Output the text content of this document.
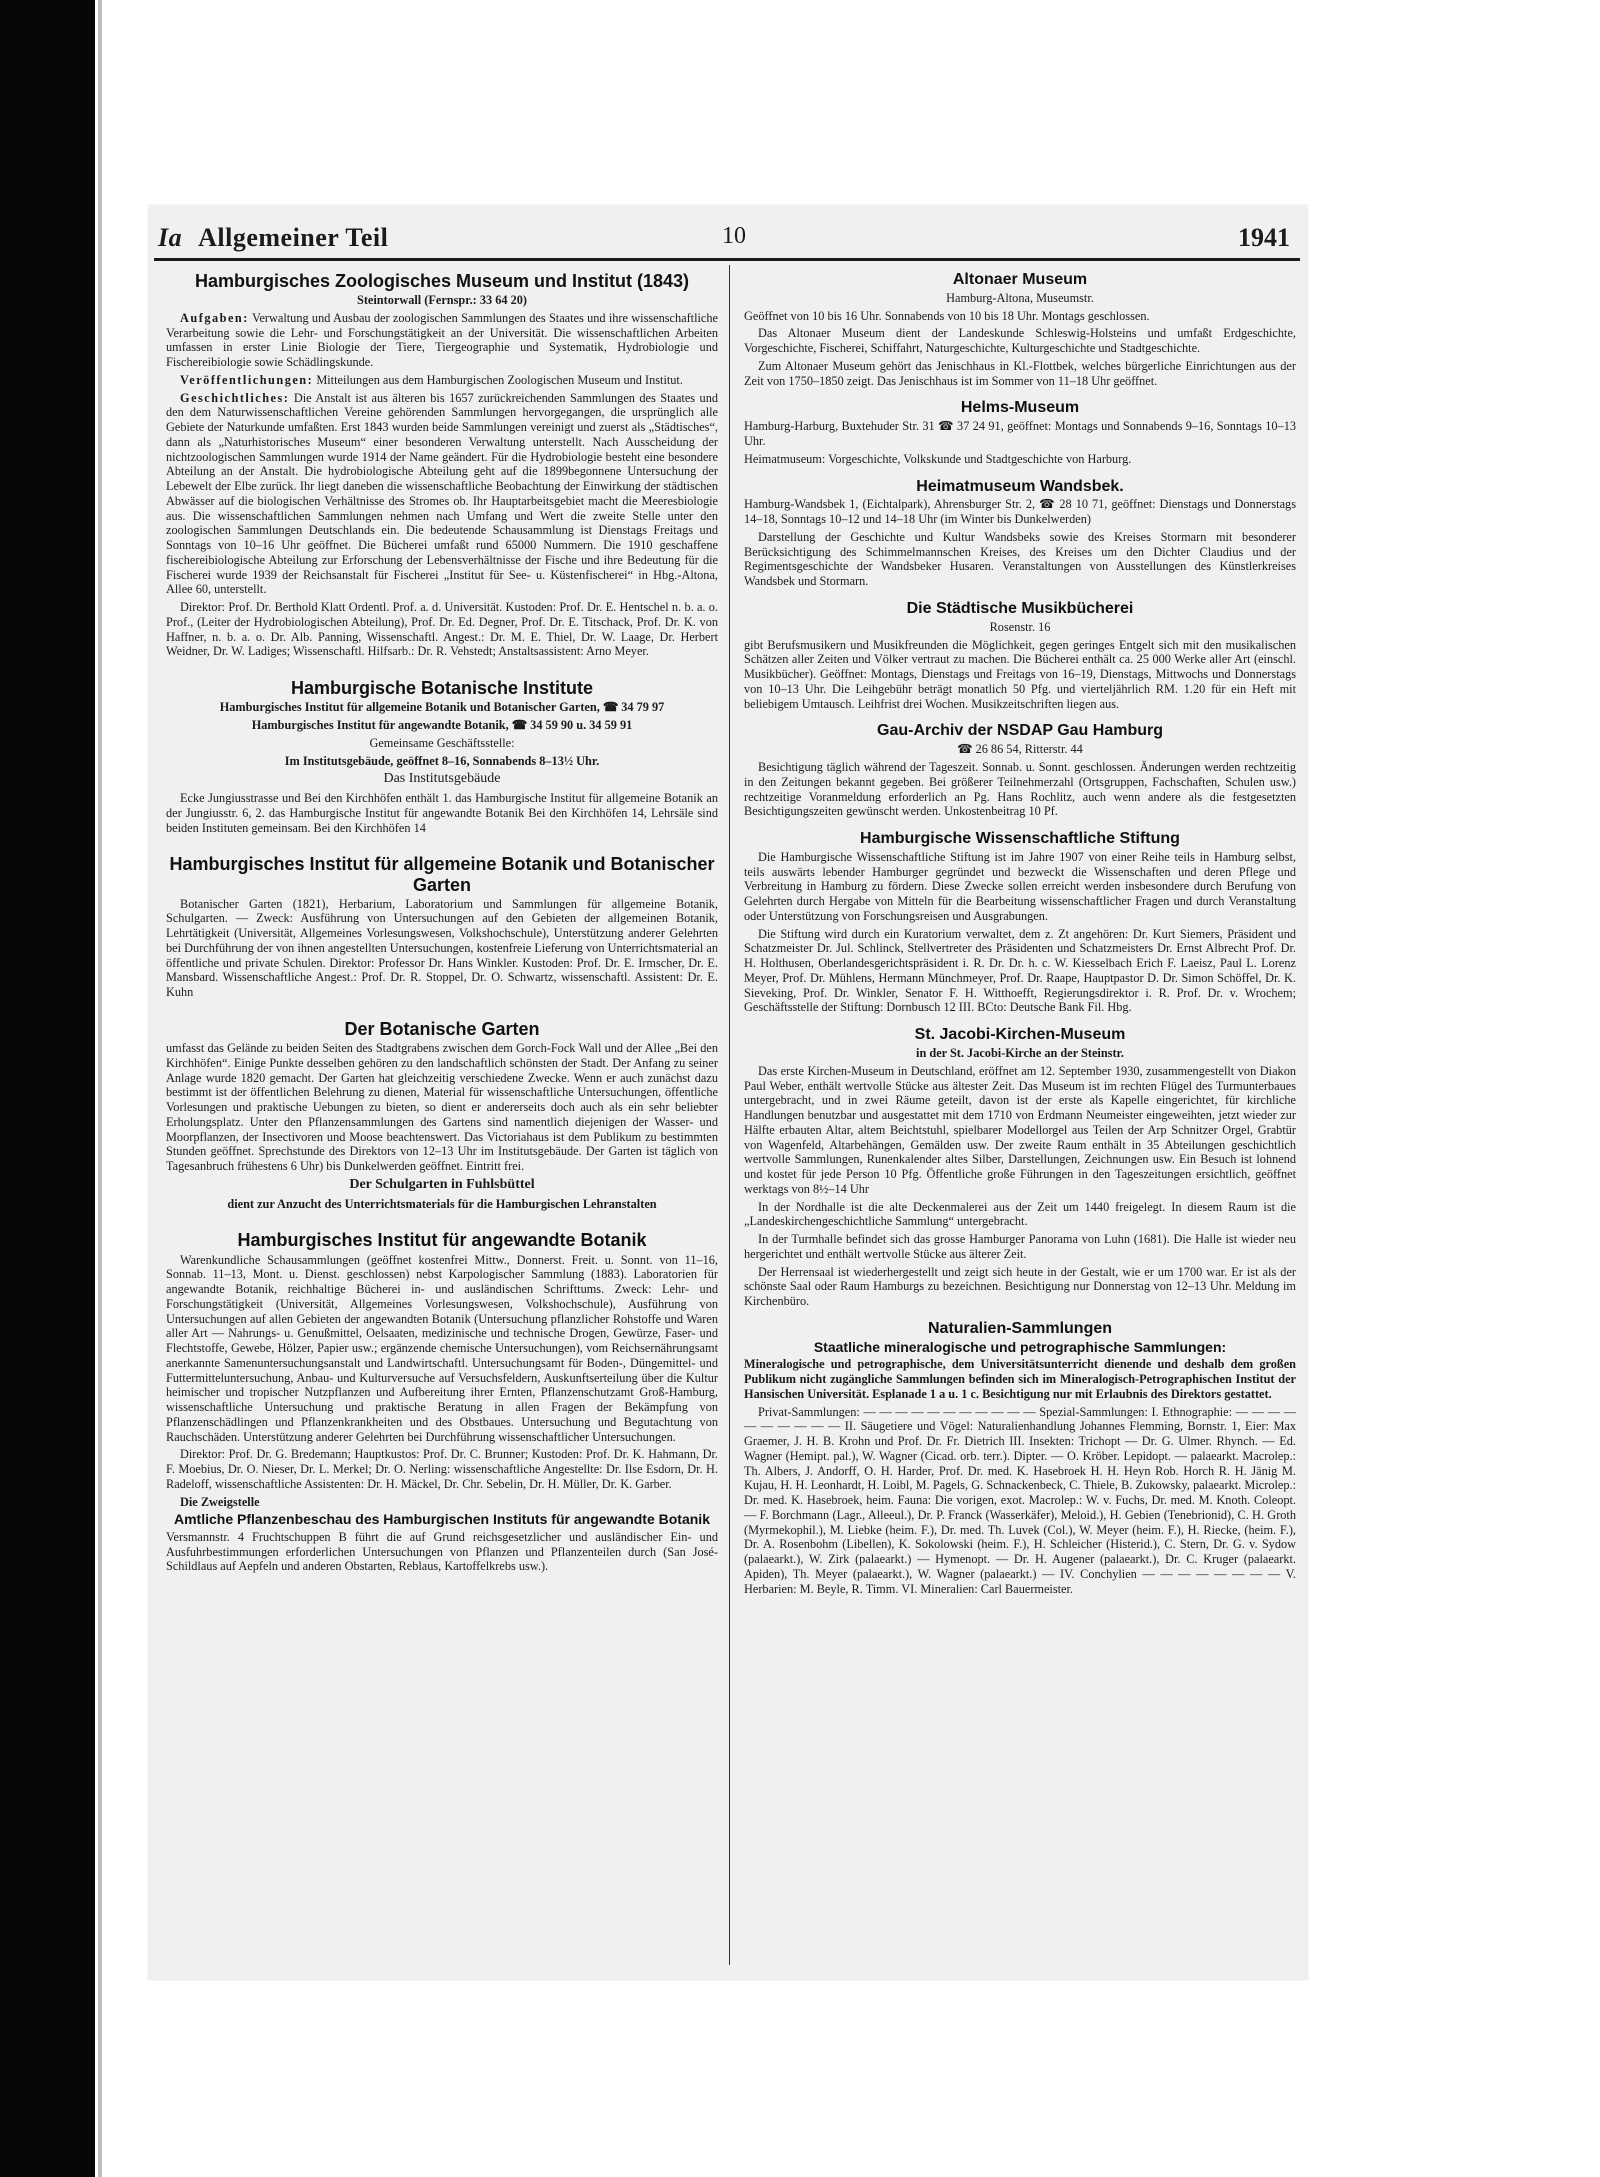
Ia Allgemeiner Teil	10	1941
Hamburgisches Zoologisches Museum und Institut (1843)
Steintorwall (Fernspr.: 33 64 20)

Aufgaben: Verwaltung und Ausbau der zoologischen Sammlungen des Staates und ihre wissenschaftliche Verarbeitung sowie die Lehr- und Forschungstätigkeit an der Universität. Die wissenschaftlichen Arbeiten umfassen in erster Linie Biologie der Tiere, Tiergeographie und Systematik, Hydrobiologie und Fischereibiologie sowie Schädlingskunde.

Veröffentlichungen: Mitteilungen aus dem Hamburgischen Zoologischen Museum und Institut.

Geschichtliches: Die Anstalt ist aus älteren bis 1657 zurückreichenden Sammlungen des Staates und den dem Naturwissenschaftlichen Vereine gehörenden Sammlungen hervorgegangen, die ursprünglich alle Gebiete der Naturkunde umfaßten. Erst 1843 wurden beide Sammlungen vereinigt und zuerst als „Städtisches“, dann als „Naturhistorisches Museum“ einer besonderen Verwaltung unterstellt. Nach Ausscheidung der nichtzoologischen Sammlungen wurde 1914 der Name geändert. Für die Hydrobiologie besteht eine besondere Abteilung an der Anstalt. Die hydrobiologische Abteilung geht auf die 1899begonnene Untersuchung der Lebewelt der Elbe zurück. Ihr liegt daneben die wissenschaftliche Beobachtung der Einwirkung der städtischen Abwässer auf die biologischen Verhältnisse des Stromes ob. Ihr Hauptarbeitsgebiet macht die Meeresbiologie aus. Die wissenschaftlichen Sammlungen nehmen nach Umfang und Wert die zweite Stelle unter den zoologischen Sammlungen Deutschlands ein. Die bedeutende Schausammlung ist Dienstags Freitags und Sonntags von 10–16 Uhr geöffnet. Die Bücherei umfaßt rund 65000 Nummern. Die 1910 geschaffene fischereibiologische Abteilung zur Erforschung der Lebensverhältnisse der Fische und ihre Bedeutung für die Fischerei wurde 1939 der Reichsanstalt für Fischerei „Institut für See- u. Küstenfischerei“ in Hbg.-Altona, Allee 60, unterstellt.

Direktor: Prof. Dr. Berthold Klatt Ordentl. Prof. a. d. Universität. Kustoden: Prof. Dr. E. Hentschel n. b. a. o. Prof., (Leiter der Hydrobiologischen Abteilung), Prof. Dr. Ed. Degner, Prof. Dr. E. Titschack, Prof. Dr. K. von Haffner, n. b. a. o. Dr. Alb. Panning, Wissenschaftl. Angest.: Dr. M. E. Thiel, Dr. W. Laage, Dr. Herbert Weidner, Dr. W. Ladiges; Wissenschaftl. Hilfsarb.: Dr. R. Vehstedt; Anstaltsassistent: Arno Meyer.

Hamburgische Botanische Institute
Hamburgisches Institut für allgemeine Botanik und Botanischer Garten, ☎ 34 79 97
Hamburgisches Institut für angewandte Botanik, ☎ 34 59 90 u. 34 59 91
Gemeinsame Geschäftsstelle:
Im Institutsgebäude, geöffnet 8–16, Sonnabends 8–13½ Uhr.
Das Institutsgebäude

Ecke Jungiusstrasse und Bei den Kirchhöfen enthält 1. das Hamburgische Institut für allgemeine Botanik an der Jungiusstr. 6, 2. das Hamburgische Institut für angewandte Botanik Bei den Kirchhöfen 14, Lehrsäle sind beiden Instituten gemeinsam. Bei den Kirchhöfen 14

Hamburgisches Institut für allgemeine Botanik und Botanischer Garten

Botanischer Garten (1821), Herbarium, Laboratorium und Sammlungen für allgemeine Botanik, Schulgarten. — Zweck: Ausführung von Untersuchungen auf den Gebieten der allgemeinen Botanik, Lehrtätigkeit (Universität, Allgemeines Vorlesungswesen, Volkshochschule), Unterstützung anderer Gelehrten bei Durchführung der von ihnen angestellten Untersuchungen, kostenfreie Lieferung von Unterrichtsmaterial an öffentliche und private Schulen. Direktor: Professor Dr. Hans Winkler. Kustoden: Prof. Dr. E. Irmscher, Dr. E. Mansbard. Wissenschaftliche Angest.: Prof. Dr. R. Stoppel, Dr. O. Schwartz, wissenschaftl. Assistent: Dr. E. Kuhn

Der Botanische Garten

umfasst das Gelände zu beiden Seiten des Stadtgrabens zwischen dem Gorch-Fock Wall und der Allee „Bei den Kirchhöfen“. Einige Punkte desselben gehören zu den landschaftlich schönsten der Stadt. Der Anfang zu seiner Anlage wurde 1820 gemacht. Der Garten hat gleichzeitig verschiedene Zwecke. Wenn er auch zunächst dazu bestimmt ist der öffentlichen Belehrung zu dienen, Material für wissenschaftliche Untersuchungen, öffentliche Vorlesungen und praktische Uebungen zu bieten, so dient er andererseits doch auch als ein sehr beliebter Erholungsplatz. Unter den Pflanzensammlungen des Gartens sind namentlich diejenigen der Wasser- und Moorpflanzen, der Insectivoren und Moose beachtenswert. Das Victoriahaus ist dem Publikum zu bestimmten Stunden geöffnet. Sprechstunde des Direktors von 12–13 Uhr im Institutsgebäude. Der Garten ist täglich von Tagesanbruch frühestens 6 Uhr) bis Dunkelwerden geöffnet. Eintritt frei.

Der Schulgarten in Fuhlsbüttel
dient zur Anzucht des Unterrichtsmaterials für die Hamburgischen Lehranstalten
Hamburgisches Institut für angewandte Botanik

Warenkundliche Schausammlungen (geöffnet kostenfrei Mittw., Donnerst. Freit. u. Sonnt. von 11–16, Sonnab. 11–13, Mont. u. Dienst. geschlossen) nebst Karpologischer Sammlung (1883). Laboratorien für angewandte Botanik, reichhaltige Bücherei in- und ausländischen Schrifttums. Zweck: Lehr- und Forschungstätigkeit (Universität, Allgemeines Vorlesungswesen, Volkshochschule), Ausführung von Untersuchungen auf allen Gebieten der angewandten Botanik (Untersuchung pflanzlicher Rohstoffe und Waren aller Art — Nahrungs- u. Genußmittel, Oelsaaten, medizinische und technische Drogen, Gewürze, Faser- und Flechtstoffe, Gewebe, Hölzer, Papier usw.; ergänzende chemische Untersuchungen), vom Reichsernährungsamt anerkannte Samenuntersuchungsanstalt und Landwirtschaftl. Untersuchungsamt für Boden-, Düngemittel- und Futtermitteluntersuchung, Anbau- und Kulturversuche auf Versuchsfeldern, Auskunftserteilung über die Kultur heimischer und tropischer Nutzpflanzen und Aufbereitung ihrer Ernten, Pflanzenschutzamt Groß-Hamburg, wissenschaftliche Untersuchung und praktische Beratung in allen Fragen der Bekämpfung von Pflanzenschädlingen und Pflanzenkrankheiten und des Obstbaues. Untersuchung und Begutachtung von Rauchschäden. Unterstützung anderer Gelehrten bei Durchführung wissenschaftlicher Untersuchungen.

Direktor: Prof. Dr. G. Bredemann; Hauptkustos: Prof. Dr. C. Brunner; Kustoden: Prof. Dr. K. Hahmann, Dr. F. Moebius, Dr. O. Nieser, Dr. L. Merkel; Dr. O. Nerling: wissenschaftliche Angestellte: Dr. Ilse Esdorn, Dr. H. Radeloff, wissenschaftliche Assistenten: Dr. H. Mäckel, Dr. Chr. Sebelin, Dr. H. Müller, Dr. K. Garber.

Die Zweigstelle

Amtliche Pflanzenbeschau des Hamburgischen Instituts für angewandte Botanik

Versmannstr. 4 Fruchtschuppen B führt die auf Grund reichsgesetzlicher und ausländischer Ein- und Ausfuhrbestimmungen erforderlichen Untersuchungen von Pflanzen und Pflanzenteilen durch (San José-Schildlaus auf Aepfeln und anderen Obstarten, Reblaus, Kartoffelkrebs usw.).

Altonaer Museum
Hamburg-Altona, Museumstr.

Geöffnet von 10 bis 16 Uhr. Sonnabends von 10 bis 18 Uhr. Montags geschlossen.

Das Altonaer Museum dient der Landeskunde Schleswig-Holsteins und umfaßt Erdgeschichte, Vorgeschichte, Fischerei, Schiffahrt, Naturgeschichte, Kulturgeschichte und Stadtgeschichte.

Zum Altonaer Museum gehört das Jenischhaus in Kl.-Flottbek, welches bürgerliche Einrichtungen aus der Zeit von 1750–1850 zeigt. Das Jenischhaus ist im Sommer von 11–18 Uhr geöffnet.

Helms-Museum

Hamburg-Harburg, Buxtehuder Str. 31 ☎ 37 24 91, geöffnet: Montags und Sonnabends 9–16, Sonntags 10–13 Uhr.

Heimatmuseum: Vorgeschichte, Volkskunde und Stadtgeschichte von Harburg.

Heimatmuseum Wandsbek.

Hamburg-Wandsbek 1, (Eichtalpark), Ahrensburger Str. 2, ☎ 28 10 71, geöffnet: Dienstags und Donnerstags 14–18, Sonntags 10–12 und 14–18 Uhr (im Winter bis Dunkelwerden)

Darstellung der Geschichte und Kultur Wandsbeks sowie des Kreises Stormarn mit besonderer Berücksichtigung des Schimmelmannschen Kreises, des Kreises um den Dichter Claudius und der Regimentsgeschichte der Wandsbeker Husaren. Veranstaltungen von Ausstellungen des Künstlerkreises Wandsbek und Stormarn.

Die Städtische Musikbücherei
Rosenstr. 16

gibt Berufsmusikern und Musikfreunden die Möglichkeit, gegen geringes Entgelt sich mit den musikalischen Schätzen aller Zeiten und Völker vertraut zu machen. Die Bücherei enthält ca. 25 000 Werke aller Art (einschl. Musikbücher). Geöffnet: Montags, Dienstags und Freitags von 16–19, Dienstags, Mittwochs und Donnerstags von 10–13 Uhr. Die Leihgebühr beträgt monatlich 50 Pfg. und vierteljährlich RM. 1.20 für ein Heft mit beliebigem Umtausch. Leihfrist drei Wochen. Musikzeitschriften liegen aus.

Gau-Archiv der NSDAP Gau Hamburg
☎ 26 86 54, Ritterstr. 44

Besichtigung täglich während der Tageszeit. Sonnab. u. Sonnt. geschlossen. Änderungen werden rechtzeitig in den Zeitungen bekannt gegeben. Bei größerer Teilnehmerzahl (Ortsgruppen, Fachschaften, Schulen usw.) rechtzeitige Voranmeldung erforderlich an Pg. Hans Rochlitz, auch wenn andere als die festgesetzten Besichtigungszeiten gewünscht werden. Unkostenbeitrag 10 Pf.

Hamburgische Wissenschaftliche Stiftung

Die Hamburgische Wissenschaftliche Stiftung ist im Jahre 1907 von einer Reihe teils in Hamburg selbst, teils auswärts lebender Hamburger gegründet und bezweckt die Wissenschaften und deren Pflege und Verbreitung in Hamburg zu fördern. Diese Zwecke sollen erreicht werden insbesondere durch Berufung von Gelehrten durch Hergabe von Mitteln für die Bearbeitung wissenschaftlicher Fragen und durch Veranstaltung oder Unterstützung von Forschungsreisen und Ausgrabungen.

Die Stiftung wird durch ein Kuratorium verwaltet, dem z. Zt angehören: Dr. Kurt Siemers, Präsident und Schatzmeister Dr. Jul. Schlinck, Stellvertreter des Präsidenten und Schatzmeisters Dr. Ernst Albrecht Prof. Dr. H. Holthusen, Oberlandesgerichtspräsident i. R. Dr. Dr. h. c. W. Kiesselbach Erich F. Laeisz, Paul L. Lorenz Meyer, Prof. Dr. Mühlens, Hermann Münchmeyer, Prof. Dr. Raape, Hauptpastor D. Dr. Simon Schöffel, Dr. K. Sieveking, Prof. Dr. Winkler, Senator F. H. Witthoefft, Regierungsdirektor i. R. Prof. Dr. v. Wrochem; Geschäftsstelle der Stiftung: Dornbusch 12 III. BCto: Deutsche Bank Fil. Hbg.

St. Jacobi-Kirchen-Museum
in der St. Jacobi-Kirche an der Steinstr.

Das erste Kirchen-Museum in Deutschland, eröffnet am 12. September 1930, zusammengestellt von Diakon Paul Weber, enthält wertvolle Stücke aus ältester Zeit. Das Museum ist im rechten Flügel des Turmunterbaues untergebracht, und in zwei Räume geteilt, davon ist der erste als Kapelle eingerichtet, für kirchliche Handlungen benutzbar und ausgestattet mit dem 1710 von Erdmann Neumeister eingeweihten, jetzt wieder zur Hälfte erbauten Altar, altem Beichtstuhl, spielbarer Modellorgel aus Teilen der Arp Schnitzer Orgel, Grabtür von Wagenfeld, Altarbehängen, Gemälden usw. Der zweite Raum enthält in 35 Abteilungen geschichtlich wertvolle Sammlungen, Runenkalender altes Silber, Darstellungen, Zeichnungen usw. Ein Besuch ist lohnend und kostet für jede Person 10 Pfg. Öffentliche große Führungen in den Tageszeitungen ersichtlich, geöffnet werktags von 8½–14 Uhr

In der Nordhalle ist die alte Deckenmalerei aus der Zeit um 1440 freigelegt. In diesem Raum ist die „Landeskirchengeschichtliche Sammlung“ untergebracht.

In der Turmhalle befindet sich das grosse Hamburger Panorama von Luhn (1681). Die Halle ist wieder neu hergerichtet und enthält wertvolle Stücke aus älterer Zeit.

Der Herrensaal ist wiederhergestellt und zeigt sich heute in der Gestalt, wie er um 1700 war. Er ist als der schönste Saal oder Raum Hamburgs zu bezeichnen. Besichtigung nur Donnerstag von 12–13 Uhr. Meldung im Kirchenbüro.

Naturalien-Sammlungen
Staatliche mineralogische und petrographische Sammlungen:

Mineralogische und petrographische, dem Universitätsunterricht dienende und deshalb dem großen Publikum nicht zugängliche Sammlungen befinden sich im Mineralogisch-Petrographischen Institut der Hansischen Universität. Esplanade 1 a u. 1 c. Besichtigung nur mit Erlaubnis des Direktors gestattet.

Privat-Sammlungen: — — — — — — — — — — — Spezial-Sammlungen: I. Ethnographie: — — — — — — — — — — II. Säugetiere und Vögel: Naturalienhandlung Johannes Flemming, Bornstr. 1, Eier: Max Graemer, J. H. B. Krohn und Prof. Dr. Fr. Dietrich III. Insekten: Trichopt — Dr. G. Ulmer. Rhynch. — Ed. Wagner (Hemipt. pal.), W. Wagner (Cicad. orb. terr.). Dipter. — O. Kröber. Lepidopt. — palaearkt. Macrolep.: Th. Albers, J. Andorff, O. H. Harder, Prof. Dr. med. K. Hasebroek H. H. Heyn Rob. Horch R. H. Jänig M. Kujau, H. H. Leonhardt, H. Loibl, M. Pagels, G. Schnackenbeck, C. Thiele, B. Zukowsky, palaearkt. Microlep.: Dr. med. K. Hasebroek, heim. Fauna: Die vorigen, exot. Macrolep.: W. v. Fuchs, Dr. med. M. Knoth. Coleopt. — F. Borchmann (Lagr., Alleeul.), Dr. P. Franck (Wasserkäfer), Meloid.), H. Gebien (Tenebrionid), C. H. Groth (Myrmekophil.), M. Liebke (heim. F.), Dr. med. Th. Luvek (Col.), W. Meyer (heim. F.), H. Riecke, (heim. F.), Dr. A. Rosenbohm (Libellen), K. Sokolowski (heim. F.), H. Schleicher (Histerid.), C. Stern, Dr. G. v. Sydow (palaearkt.), W. Zirk (palaearkt.) — Hymenopt. — Dr. H. Augener (palaearkt.), Dr. C. Kruger (palaearkt. Apiden), Th. Meyer (palaearkt.), W. Wagner (palaearkt.) — IV. Conchylien — — — — — — — — V. Herbarien: M. Beyle, R. Timm. VI. Mineralien: Carl Bauermeister.
